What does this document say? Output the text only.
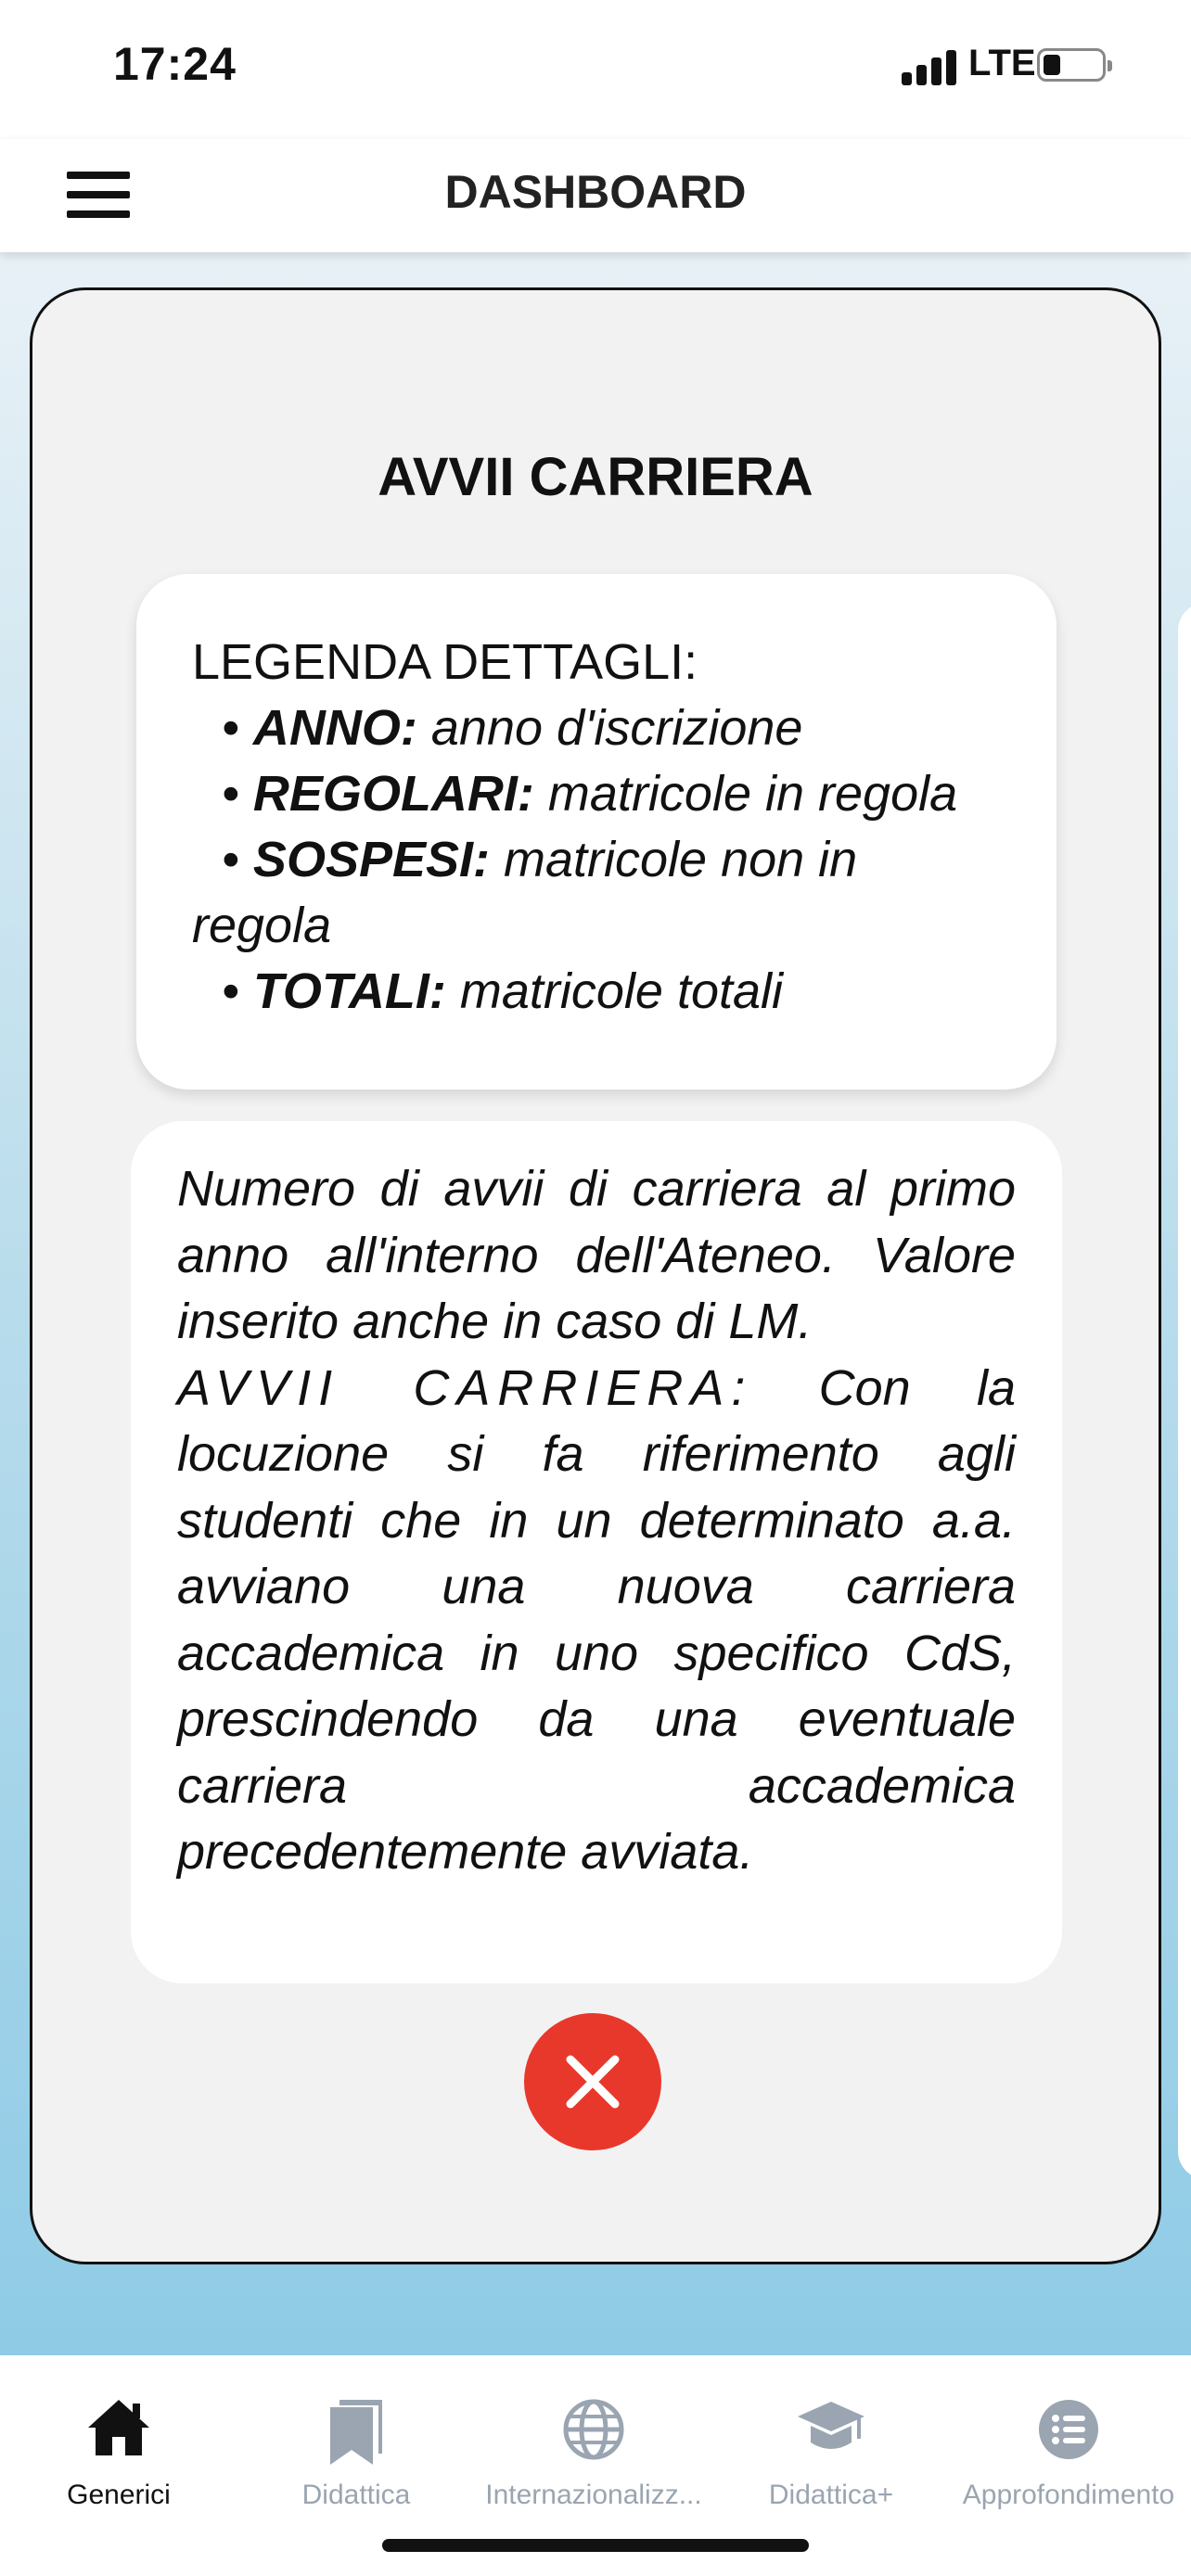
17:24	LTE
DASHBOARD
AVVII CARRIERA
LEGENDA DETTAGLI:
• ANNO: anno d'iscrizione
• REGOLARI: matricole in regola
• SOSPESI: matricole non in regola
• TOTALI: matricole totali
Numero di avvii di carriera al primo anno all'interno dell'Ateneo. Valore inserito anche in caso di LM.
AVVII CARRIERA: Con la locuzione si fa riferimento agli studenti che in un determinato a.a. avviano una nuova carriera accademica in uno specifico CdS, prescindendo da una eventuale carriera accademica precedentemente avviata.
Generici	Didattica	Internazionalizz...	Didattica+	Approfondimento
